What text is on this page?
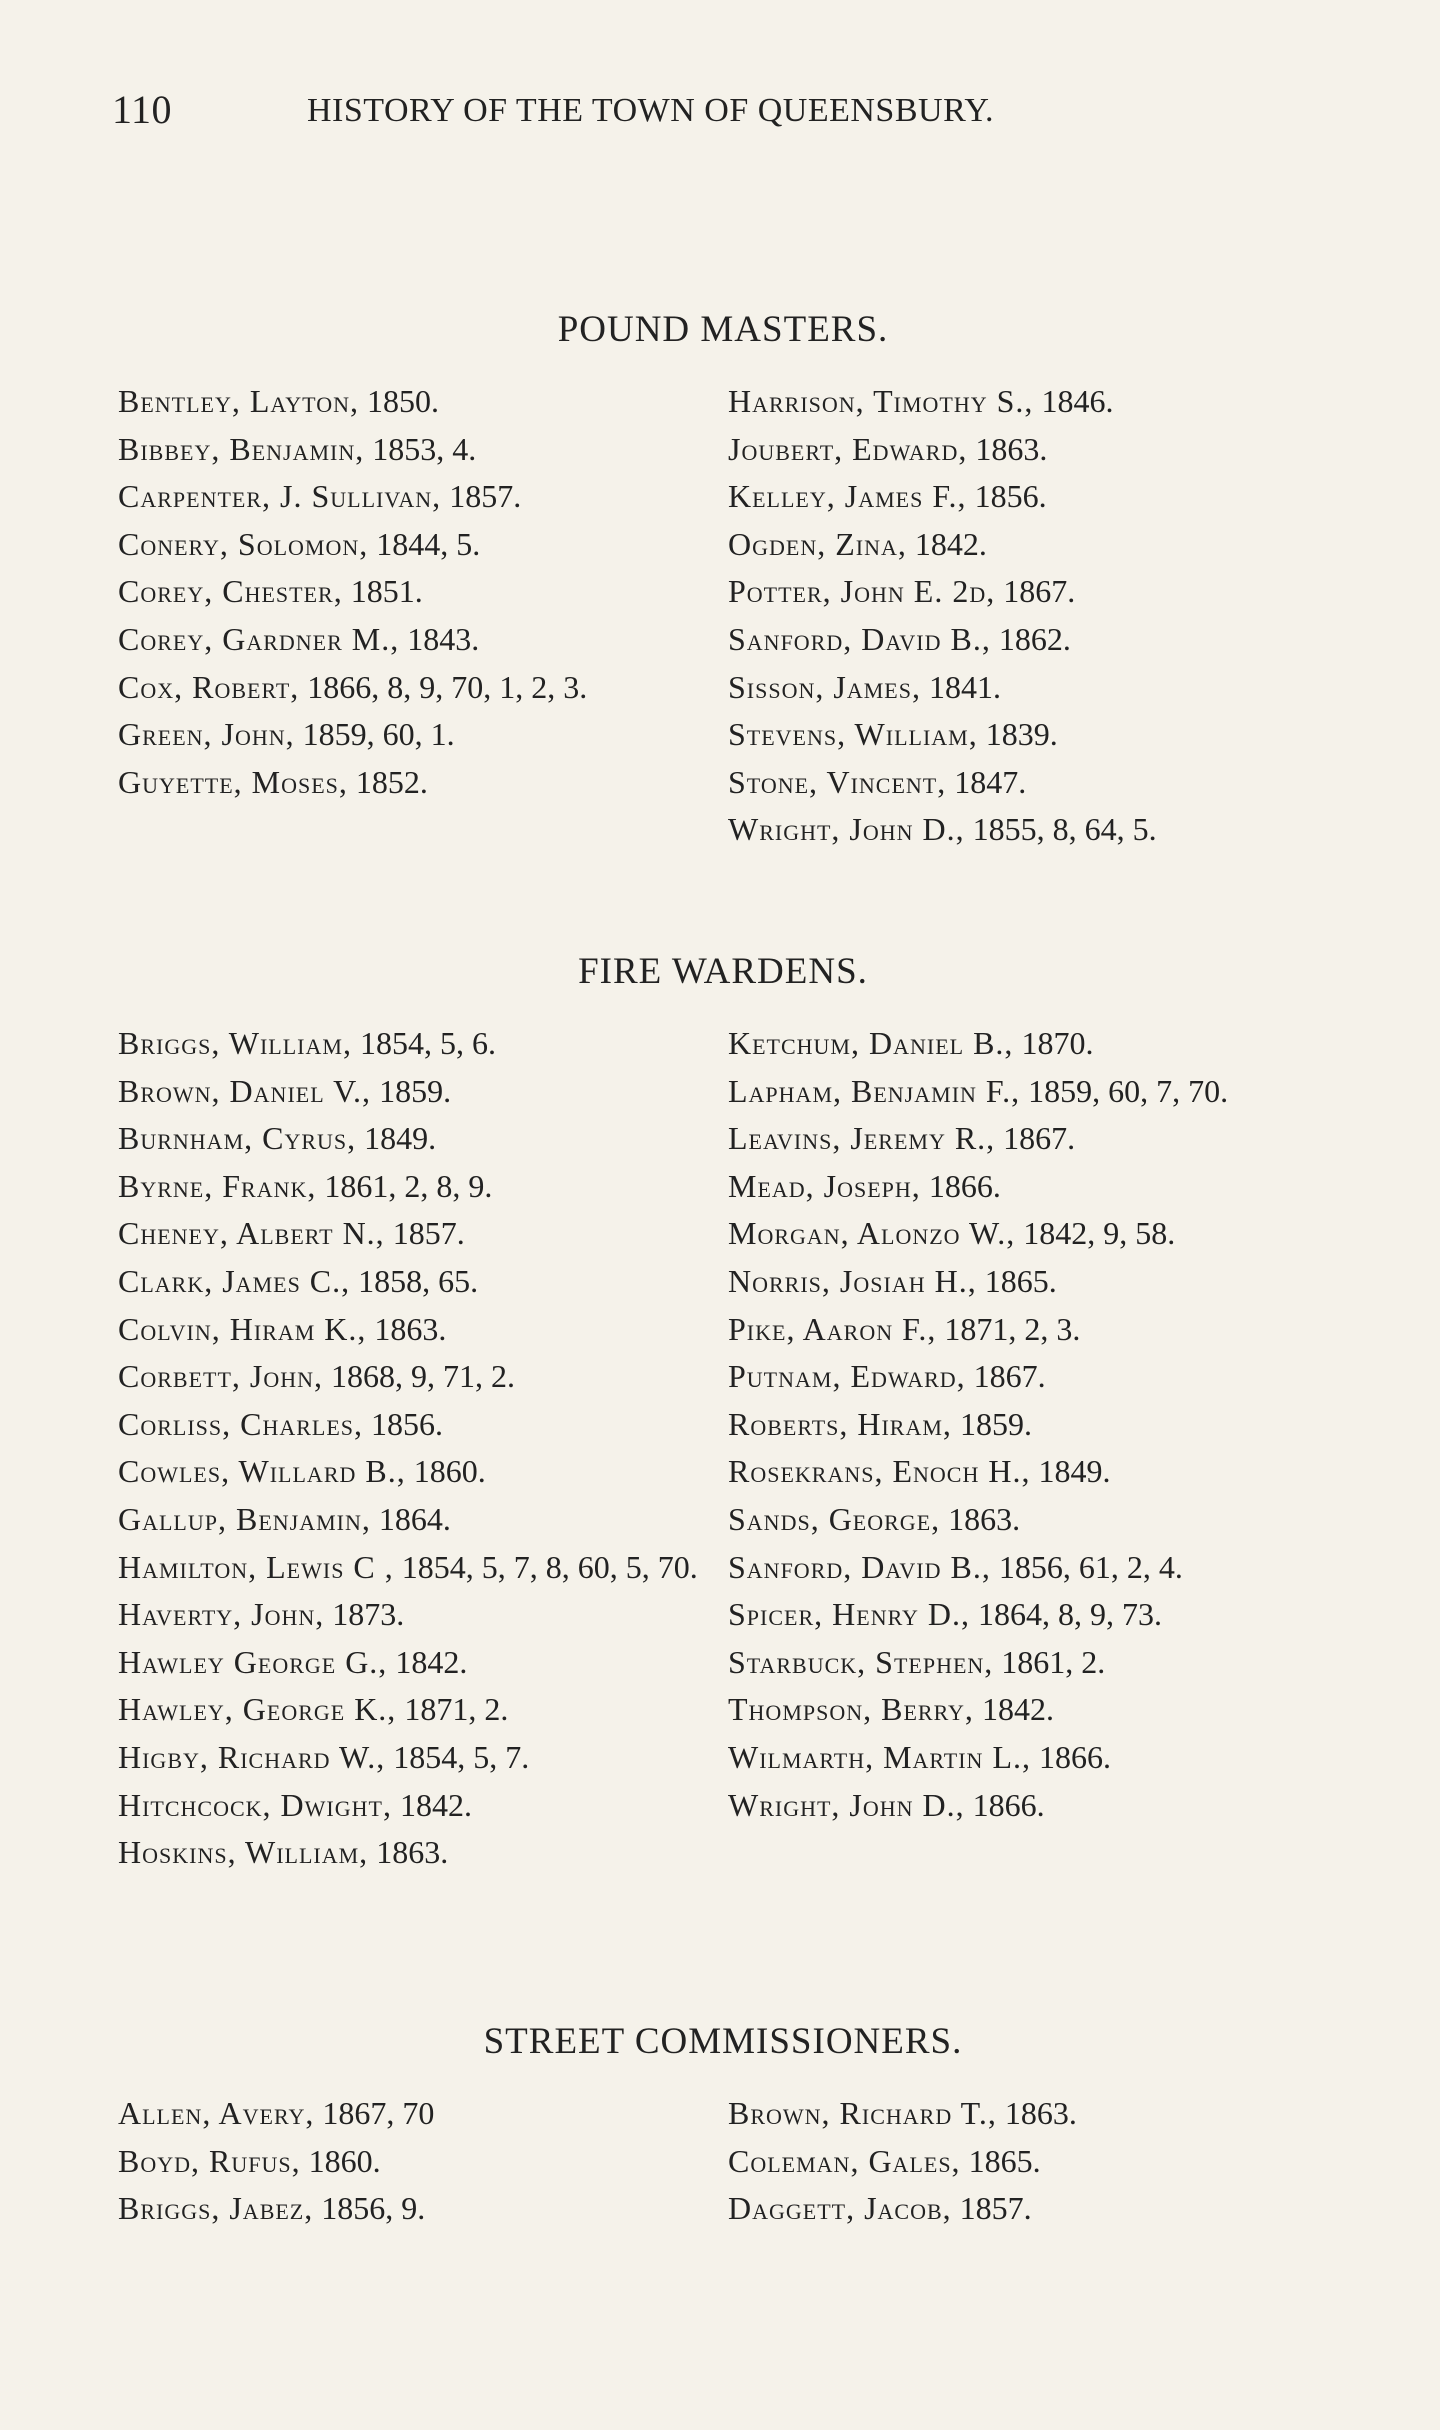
110	HISTORY OF THE TOWN OF QUEENSBURY.
POUND MASTERS.

Bentley, Layton, 1850.

Bibbey, Benjamin, 1853, 4.

Carpenter, J. Sullivan, 1857.

Conery, Solomon, 1844, 5.

Corey, Chester, 1851.

Corey, Gardner M., 1843.

Cox, Robert, 1866, 8, 9, 70, 1, 2, 3.

Green, John, 1859, 60, 1.

Guyette, Moses, 1852.

Harrison, Timothy S., 1846.

Joubert, Edward, 1863.

Kelley, James F., 1856.

Ogden, Zina, 1842.

Potter, John E. 2d, 1867.

Sanford, David B., 1862.

Sisson, James, 1841.

Stevens, William, 1839.

Stone, Vincent, 1847.

Wright, John D., 1855, 8, 64, 5.

FIRE WARDENS.

Briggs, William, 1854, 5, 6.

Brown, Daniel V., 1859.

Burnham, Cyrus, 1849.

Byrne, Frank, 1861, 2, 8, 9.

Cheney, Albert N., 1857.

Clark, James C., 1858, 65.

Colvin, Hiram K., 1863.

Corbett, John, 1868, 9, 71, 2.

Corliss, Charles, 1856.

Cowles, Willard B., 1860.

Gallup, Benjamin, 1864.

Hamilton, Lewis C , 1854, 5, 7, 8, 60, 5, 70.

Haverty, John, 1873.

Hawley George G., 1842.

Hawley, George K., 1871, 2.

Higby, Richard W., 1854, 5, 7.

Hitchcock, Dwight, 1842.

Hoskins, William, 1863.

Ketchum, Daniel B., 1870.

Lapham, Benjamin F., 1859, 60, 7, 70.

Leavins, Jeremy R., 1867.

Mead, Joseph, 1866.

Morgan, Alonzo W., 1842, 9, 58.

Norris, Josiah H., 1865.

Pike, Aaron F., 1871, 2, 3.

Putnam, Edward, 1867.

Roberts, Hiram, 1859.

Rosekrans, Enoch H., 1849.

Sands, George, 1863.

Sanford, David B., 1856, 61, 2, 4.

Spicer, Henry D., 1864, 8, 9, 73.

Starbuck, Stephen, 1861, 2.

Thompson, Berry, 1842.

Wilmarth, Martin L., 1866.

Wright, John D., 1866.

STREET COMMISSIONERS.

Allen, Avery, 1867, 70

Boyd, Rufus, 1860.

Briggs, Jabez, 1856, 9.

Brown, Richard T., 1863.

Coleman, Gales, 1865.

Daggett, Jacob, 1857.
